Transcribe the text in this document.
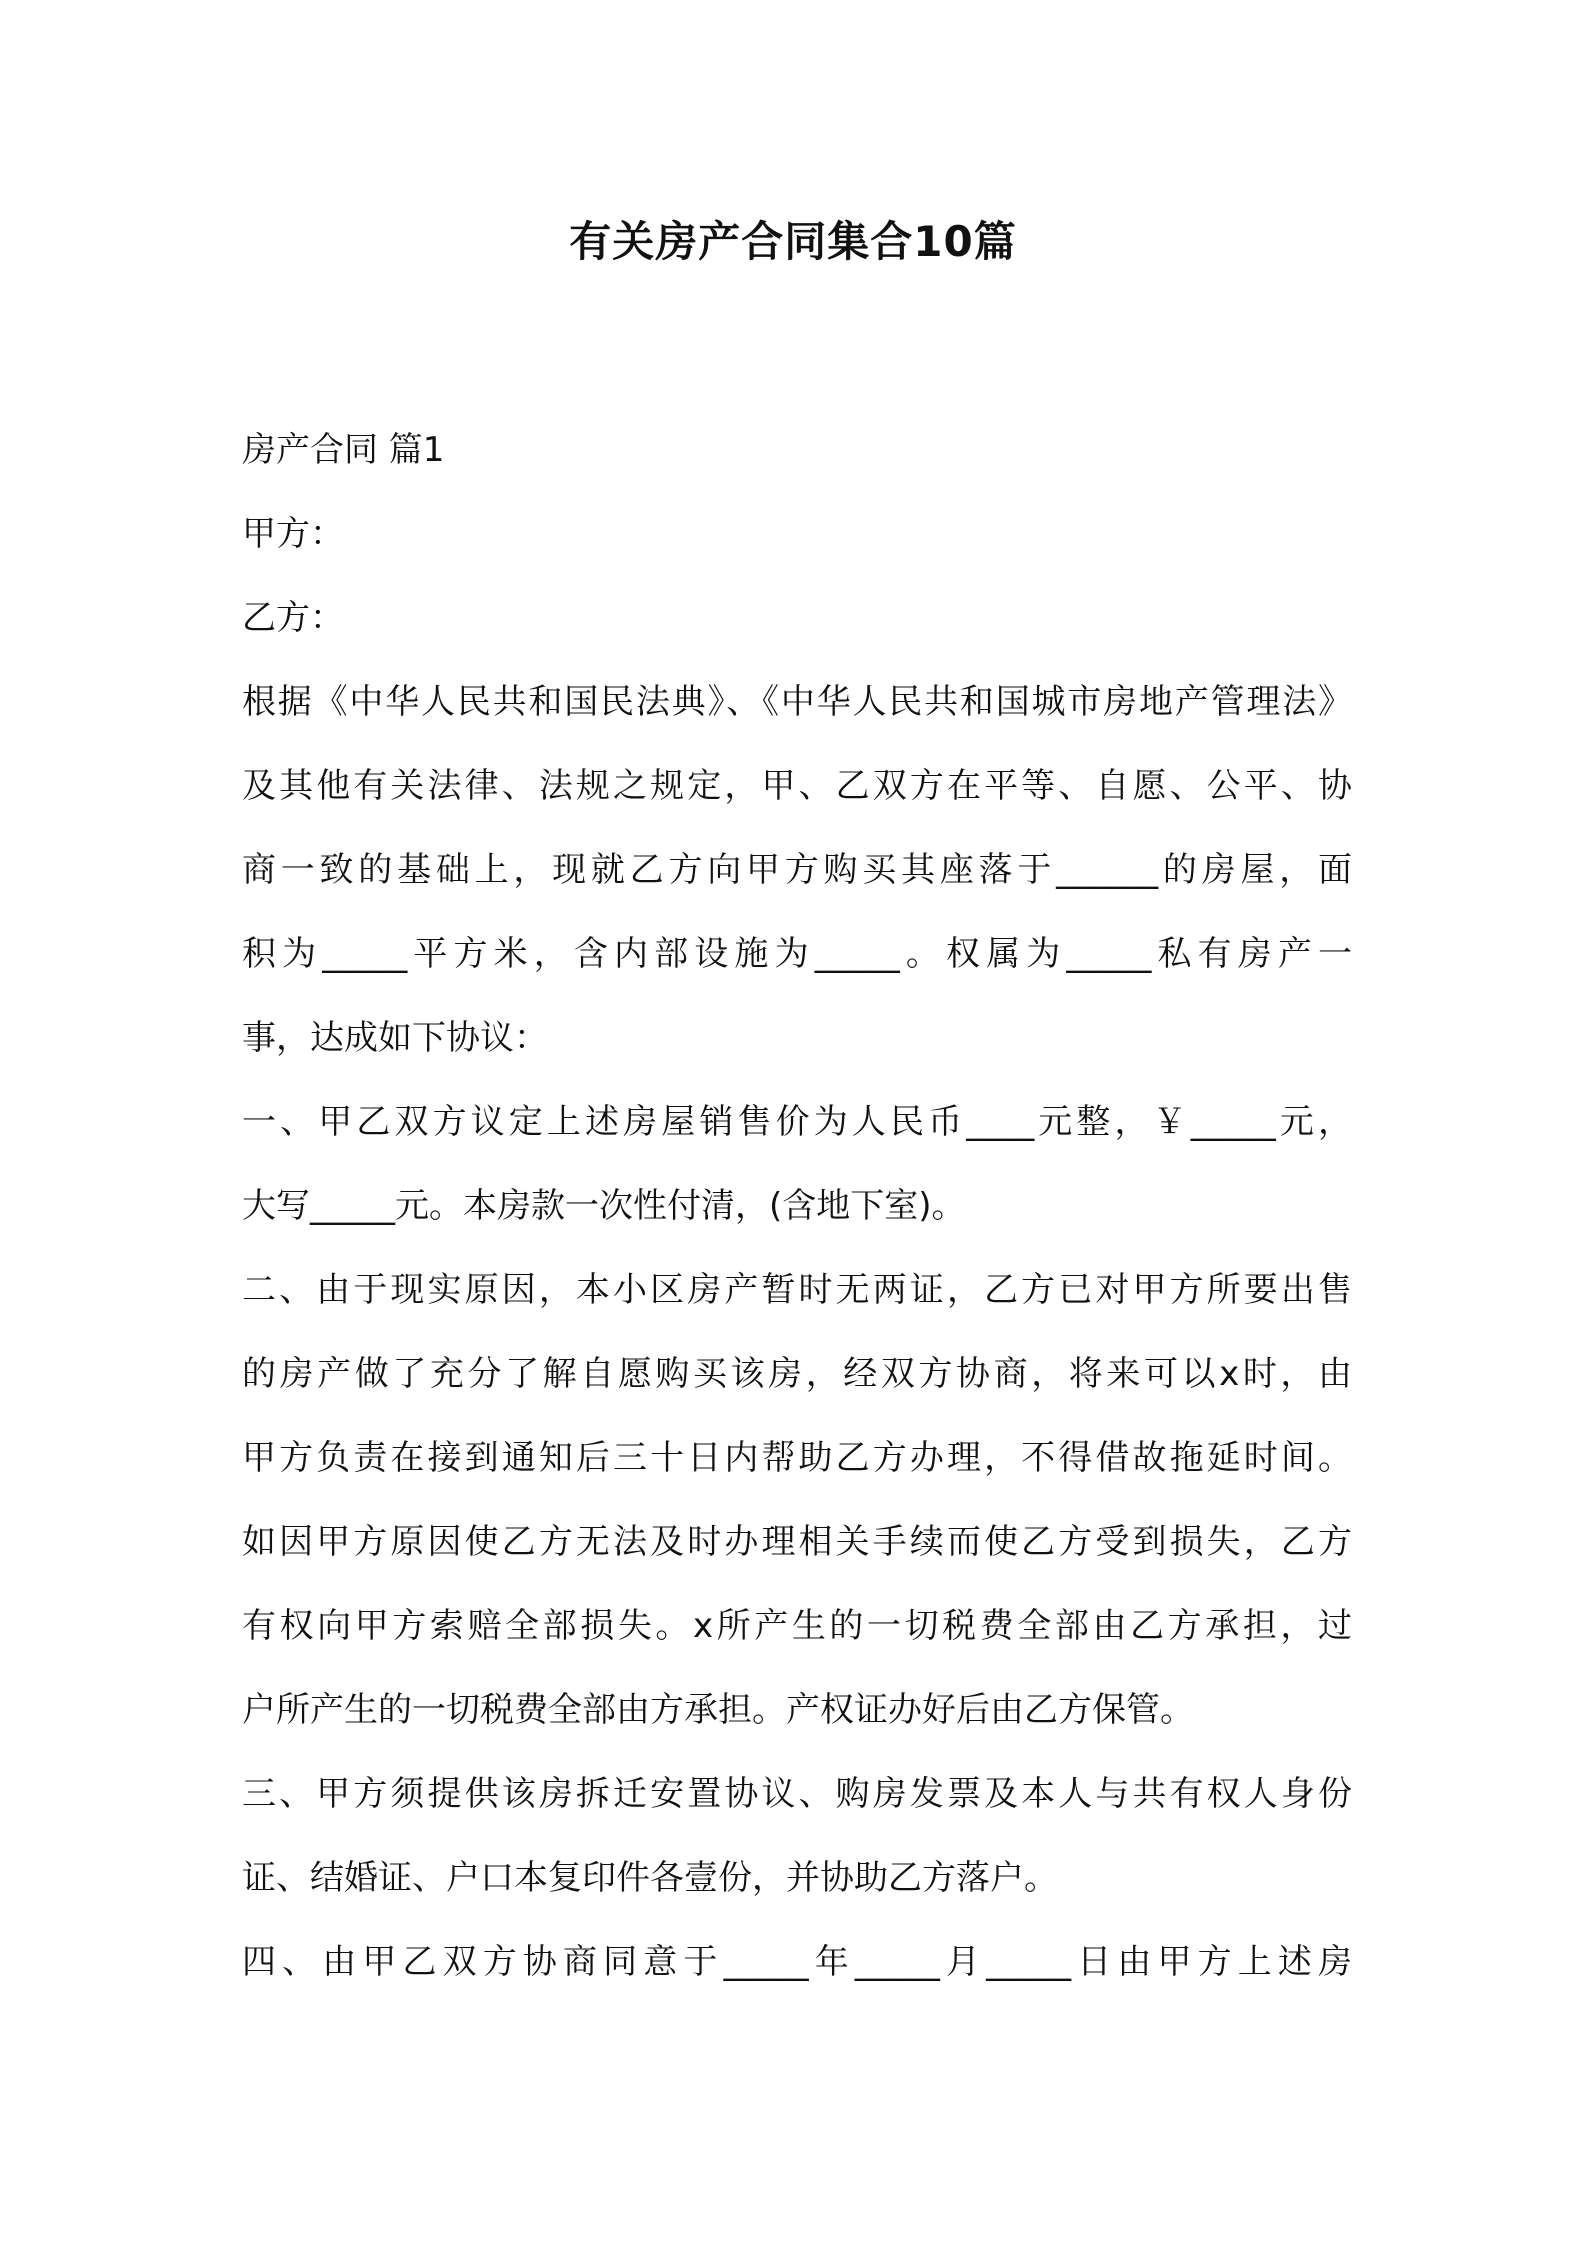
有关房产合同集合10篇

房产合同 篇1

甲方：

乙方：

根据《中华人民共和国民法典》、《中华人民共和国城市房地产管理法》

及其他有关法律、法规之规定，甲、乙双方在平等、自愿、公平、协

商一致的基础上，现就乙方向甲方购买其座落于______的房屋，面

积为_____平方米，含内部设施为_____。权属为_____私有房产一

事，达成如下协议：

一、甲乙双方议定上述房屋销售价为人民币____元整，￥_____元，

大写_____元。本房款一次性付清，(含地下室)。

二、由于现实原因，本小区房产暂时无两证，乙方已对甲方所要出售

的房产做了充分了解自愿购买该房，经双方协商，将来可以x时，由

甲方负责在接到通知后三十日内帮助乙方办理，不得借故拖延时间。

如因甲方原因使乙方无法及时办理相关手续而使乙方受到损失，乙方

有权向甲方索赔全部损失。x所产生的一切税费全部由乙方承担，过

户所产生的一切税费全部由方承担。产权证办好后由乙方保管。

三、甲方须提供该房拆迁安置协议、购房发票及本人与共有权人身份

证、结婚证、户口本复印件各壹份，并协助乙方落户。

四、由甲乙双方协商同意于_____年_____月_____日由甲方上述房
